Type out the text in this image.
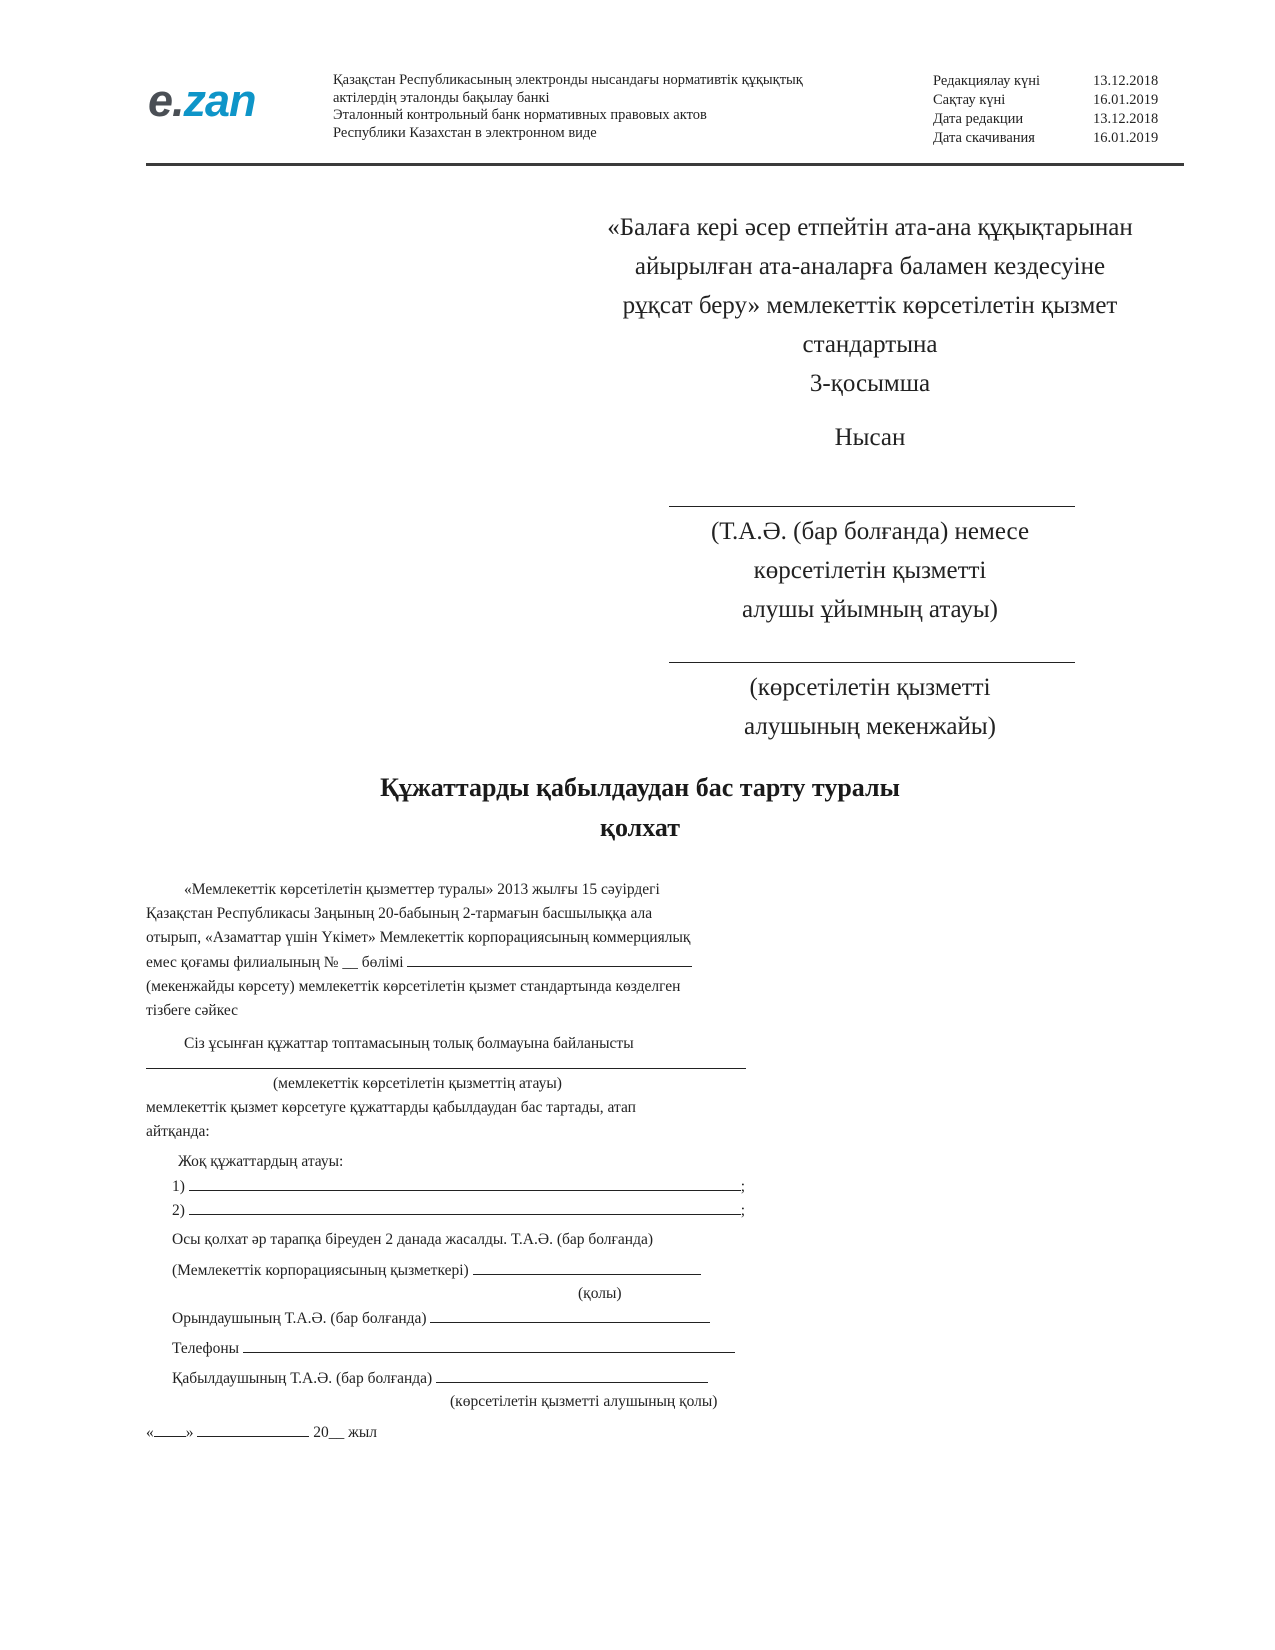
e.zan	Қазақстан Республикасының электронды нысандағы нормативтік құқықтық
актілердің эталонды бақылау банкі
Эталонный контрольный банк нормативных правовых актов
Республики Казахстан в электронном виде
Редакциялау күні	13.12.2018
Сақтау күні	16.01.2019
Дата редакции	13.12.2018
Дата скачивания	16.01.2019
«Балаға кері әсер етпейтін ата-ана құқықтарынан
айырылған ата-аналарға баламен кездесуіне
рұқсат беру» мемлекеттік көрсетілетін қызмет
стандартына
3-қосымша
Нысан
(Т.А.Ә. (бар болғанда) немесе
көрсетілетін қызметті
алушы ұйымның атауы)
(көрсетілетін қызметті
алушының мекенжайы)
Құжаттарды қабылдаудан бас тарту туралы
қолхат
«Мемлекеттік көрсетілетін қызметтер туралы» 2013 жылғы 15 сәуірдегі
Қазақстан Республикасы Заңының 20-бабының 2-тармағын басшылыққа ала
отырып, «Азаматтар үшін Үкімет» Мемлекеттік корпорациясының коммерциялық
емес қоғамы филиалының № __ бөлімі
(мекенжайды көрсету) мемлекеттік көрсетілетін қызмет стандартында көзделген
тізбеге сәйкес
Сіз ұсынған құжаттар топтамасының толық болмауына байланысты
(мемлекеттік көрсетілетін қызметтің атауы)
мемлекеттік қызмет көрсетуге құжаттарды қабылдаудан бас тартады, атап
айтқанда:
Жоқ құжаттардың атауы:
1)	;
2)	;
Осы қолхат әр тарапқа біреуден 2 данада жасалды. Т.А.Ә. (бар болғанда)
(Мемлекеттік корпорациясының қызметкері)
(қолы)
Орындаушының Т.А.Ә. (бар болғанда)
Телефоны
Қабылдаушының Т.А.Ә. (бар болғанда)
(көрсетілетін қызметті алушының қолы)
« »	20__ жыл
